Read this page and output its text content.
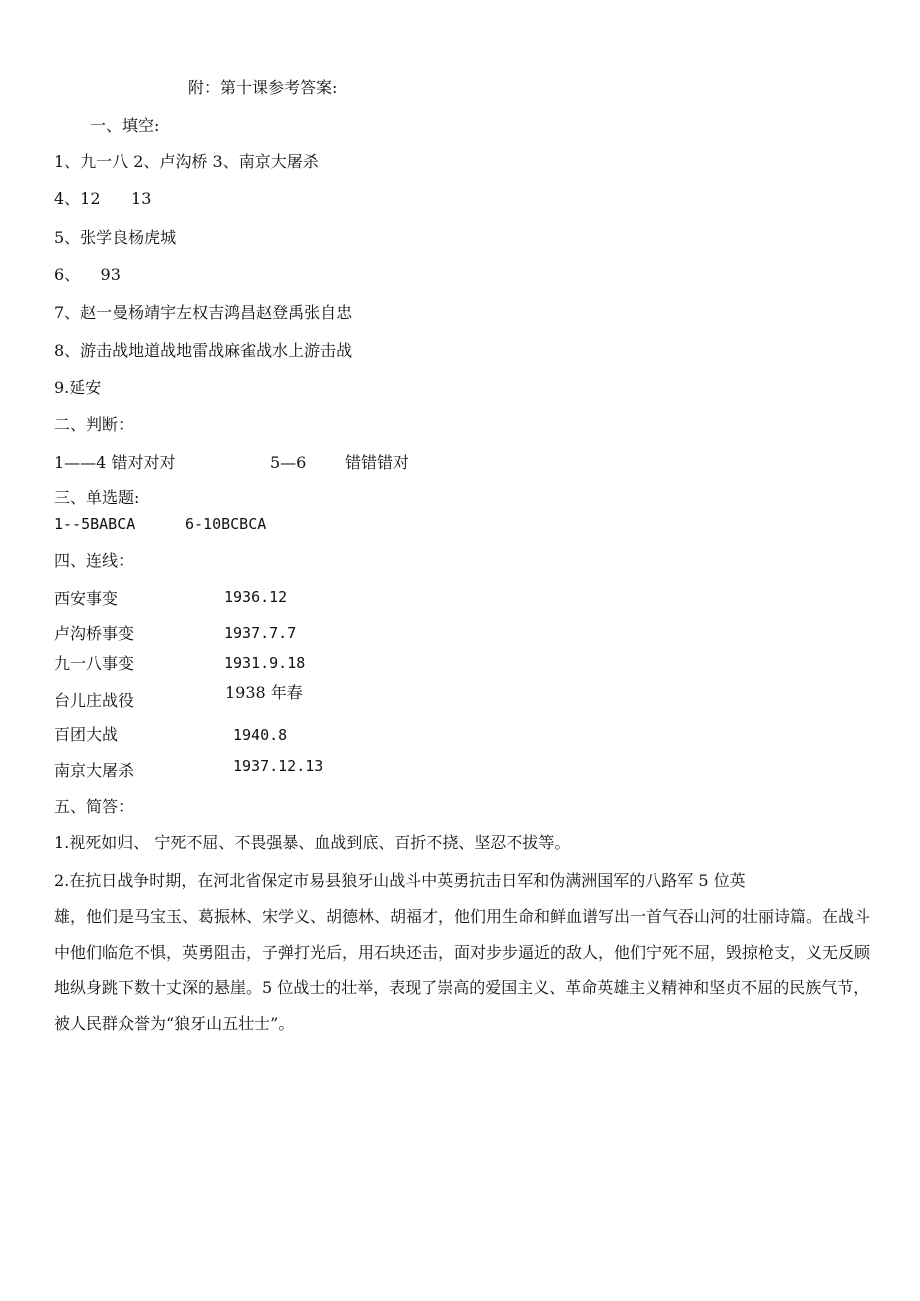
附：第十课参考答案:
一、填空:
1、九一八 2、卢沟桥 3、南京大屠杀
4、12      13
5、张学良杨虎城
6、    93
7、赵一曼杨靖宇左权吉鸿昌赵登禹张自忠
8、游击战地道战地雷战麻雀战水上游击战
9.延安
二、判断：
1——4 错对对对	5—6 错错错对
三、单选题:
1--5BABCA	6-10BCBCA
四、连线：
西安事变	1936.12
卢沟桥事变	1937.7.7
九一八事变	1931.9.18
台儿庄战役	1938 年春
百团大战	1940.8
南京大屠杀	1937.12.13
五、简答：
1.视死如归、 宁死不屈、不畏强暴、血战到底、百折不挠、坚忍不拔等。
2.在抗日战争时期，在河北省保定市易县狼牙山战斗中英勇抗击日军和伪满洲国军的八路军 5 位英
雄，他们是马宝玉、葛振林、宋学义、胡德林、胡福才，他们用生命和鲜血谱写出一首气吞山河的壮丽诗篇。在战斗中他们临危不惧，英勇阻击，子弹打光后，用石块还击，面对步步逼近的敌人，他们宁死不屈，毁掠枪支，义无反顾地纵身跳下数十丈深的悬崖。5 位战士的壮举，表现了崇高的爱国主义、革命英雄主义精神和坚贞不屈的民族气节，被人民群众誉为“狼牙山五壮士”。
